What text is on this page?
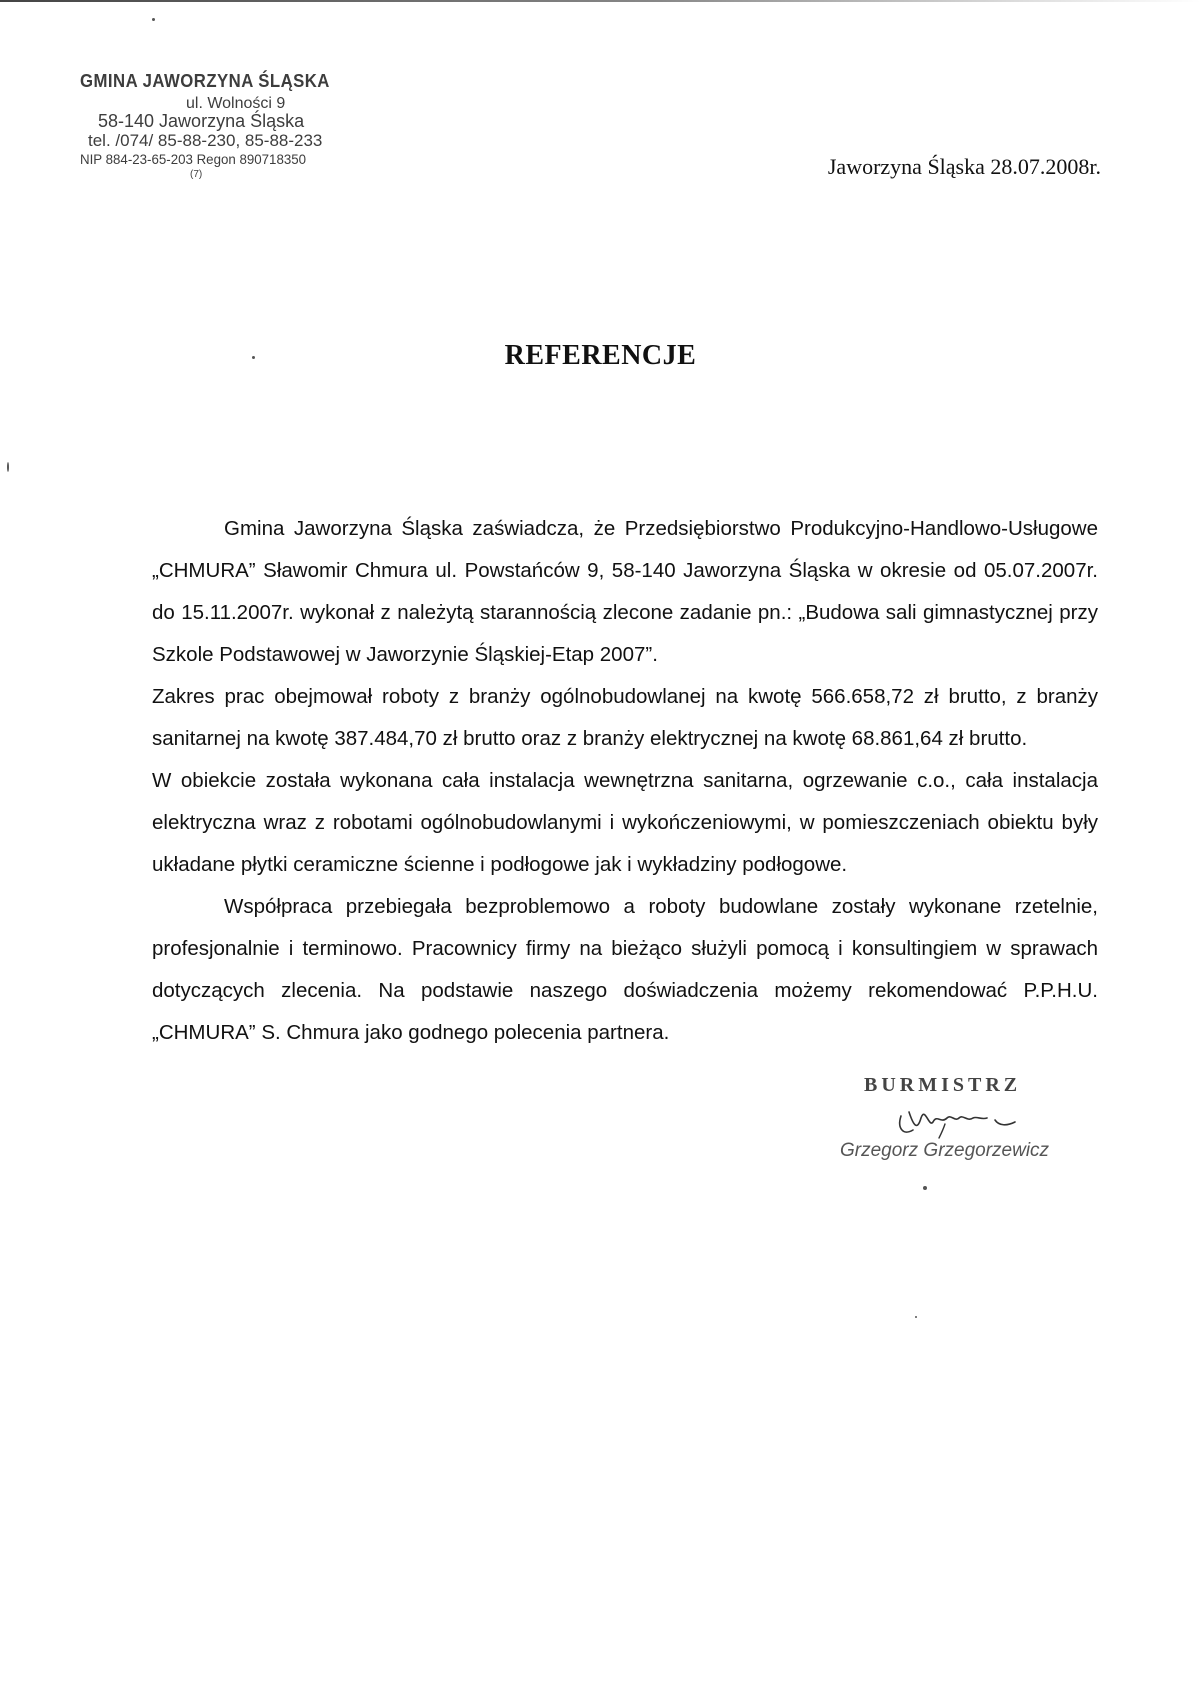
GMINA JAWORZYNA ŚLĄSKA
ul. Wolności 9
58-140 Jaworzyna Śląska
tel. /074/ 85-88-230, 85-88-233
NIP 884-23-65-203 Regon 890718350
(7)	Jaworzyna Śląska 28.07.2008r.
REFERENCJE

Gmina Jaworzyna Śląska zaświadcza, że Przedsiębiorstwo Produkcyjno-Handlowo-Usługowe „CHMURA” Sławomir Chmura ul. Powstańców 9, 58-140 Jaworzyna Śląska w okresie od 05.07.2007r. do 15.11.2007r. wykonał z należytą starannością zlecone zadanie pn.: „Budowa sali gimnastycznej przy Szkole Podstawowej w Jaworzynie Śląskiej-Etap 2007”.

Zakres prac obejmował roboty z branży ogólnobudowlanej na kwotę 566.658,72 zł brutto, z branży sanitarnej na kwotę 387.484,70 zł brutto oraz z branży elektrycznej na kwotę 68.861,64 zł brutto.

W obiekcie została wykonana cała instalacja wewnętrzna sanitarna, ogrzewanie c.o., cała instalacja elektryczna wraz z robotami ogólnobudowlanymi i wykończeniowymi, w pomieszczeniach obiektu były układane płytki ceramiczne ścienne i podłogowe jak i wykładziny podłogowe.

Współpraca przebiegała bezproblemowo a roboty budowlane zostały wykonane rzetelnie, profesjonalnie i terminowo. Pracownicy firmy na bieżąco służyli pomocą i konsultingiem w sprawach dotyczących zlecenia. Na podstawie naszego doświadczenia możemy rekomendować P.P.H.U. „CHMURA” S. Chmura jako godnego polecenia partnera.

BURMISTRZ
Grzegorz Grzegorzewicz
